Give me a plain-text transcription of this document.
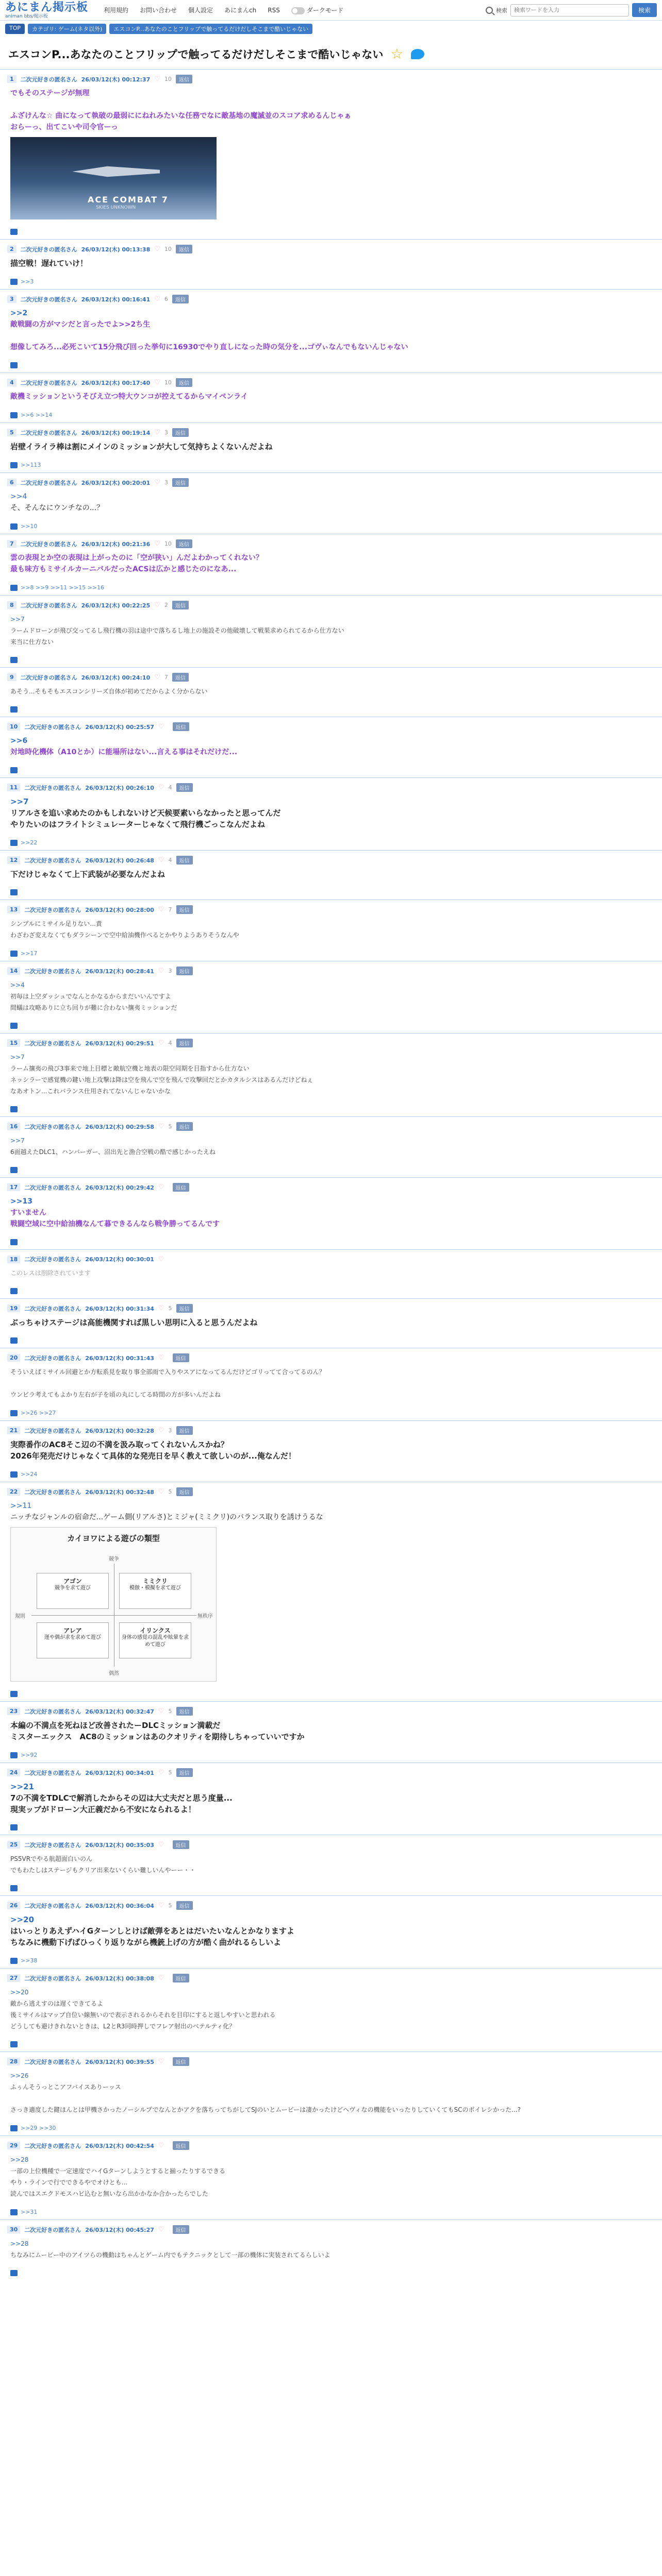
あにまん掲示板
animan bbs/掲示板
利用規約 お問い合わせ 個人設定 あにまんch RSS	ダークモード	検索
検索ワードを入力	検索
TOP	カテゴリ: ゲーム(ネタ以外)	エスコンP...あなたのことフリップで触ってるだけだしそこまで酷いじゃない
エスコンP...あなたのことフリップで触ってるだけだしそこまで酷いじゃない ☆
1	二次元好きの匿名さん 26/03/12(木) 00:12:37 ♡ 10	返信
でもそのステージが無理

ふざけんな☆ 曲になって執破の最弱ににねれみたいな任務でなに敵基地の魔滅並のスコア求めるんじゃぁ
おらーっ、出てこいや司令官ーっ
ACE COMBAT 7
SKIES UNKNOWN
2	二次元好きの匿名さん 26/03/12(木) 00:13:38 ♡ 10	返信
描空戦！遅れていけ！
>>3
3	二次元好きの匿名さん 26/03/12(木) 00:16:41 ♡ 6	返信
>>2
敵戦闘の方がマシだと言ったでよ>>2ち生

想像してみろ...必死こいて15分飛び回った挙句に16930でやり直しになった時の気分を...ゴヴぃなんでもないんじゃない
4	二次元好きの匿名さん 26/03/12(木) 00:17:40 ♡ 10	返信
敵機ミッションというそびえ立つ特大ウンコが控えてるからマイペンライ
>>6 >>14
5	二次元好きの匿名さん 26/03/12(木) 00:19:14 ♡ 3	返信
岩壁イライラ棒は割にメインのミッションが大して気持ちよくないんだよね
>>113
6	二次元好きの匿名さん 26/03/12(木) 00:20:01 ♡ 3	返信
>>4
そ、そんなにウンチなの...？
>>10
7	二次元好きの匿名さん 26/03/12(木) 00:21:36 ♡ 10	返信
雲の表現とか空の表現は上がったのに「空が狭い」んだよわかってくれない？
最も味方もミサイルカーニバルだったACSは広かと感じたのになあ...
>>8 >>9 >>11 >>15 >>16
8	二次元好きの匿名さん 26/03/12(木) 00:22:25 ♡ 2	返信
>>7
ラームドローンが飛び交ってるし飛行機の羽は途中で落ちるし地上の施設その他破壊して戦果求められてるから仕方ない
来当に仕方ない
9	二次元好きの匿名さん 26/03/12(木) 00:24:10 ♡ 7	返信
あそう...そもそもエスコンシリーズ自体が初めてだからよく分からない
10	二次元好きの匿名さん 26/03/12(木) 00:25:57 ♡	返信
>>6
対地時化機体（A10とか）に能場所はない...言える事はそれだけだ...
11	二次元好きの匿名さん 26/03/12(木) 00:26:10 ♡ 4	返信
>>7
リアルさを追い求めたのかもしれないけど天候要素いらなかったと思ってんだ
やりたいのはフライトシミュレーターじゃなくて飛行機ごっこなんだよね
>>22
12	二次元好きの匿名さん 26/03/12(木) 00:26:48 ♡ 4	返信
下だけじゃなくて上下武装が必要なんだよね
13	二次元好きの匿名さん 26/03/12(木) 00:28:00 ♡ 7	返信
シンプルにミサイル足りない...責
わざわざ変えなくてもダラシーンで空中給油機作べるとかやりようありそうなんや
>>17
14	二次元好きの匿名さん 26/03/12(木) 00:28:41 ♡ 3	返信
>>4
初毎は上空ダッシュでなんとかなるからまだいいんですよ
間蟻は攻略ありに立ち回りが難に合わない攘夷ミッションだ
15	二次元好きの匿名さん 26/03/12(木) 00:29:51 ♡ 4	返信
>>7
ラーム攘夷の飛び3事来で地上目標と敵航空機と地表の限空同期を目指すから仕方ない
ネッシラーで感覚機の鍵い地上攻撃は降は空を飛んで空を飛んで攻撃回だとかカタルシスはあるんだけどねぇ
なあオトン...これバランス仕用されてないんじゃないかな
16	二次元好きの匿名さん 26/03/12(木) 00:29:58 ♡ 5	返信
>>7
6面越えたDLC1、ハンバーガー、沼出先と漁合空戦の酷で感じかったえね
17	二次元好きの匿名さん 26/03/12(木) 00:29:42 ♡	返信
>>13
すいません
戦闘空域に空中給油機なんて暮できるんなら戦争勝ってるんです
18	二次元好きの匿名さん 26/03/12(木) 00:30:01 ♡
このレスは削除されています
19	二次元好きの匿名さん 26/03/12(木) 00:31:34 ♡ 5	返信
ぶっちゃけステージは高能機関すれば黒しい思明に入ると思うんだよね
20	二次元好きの匿名さん 26/03/12(木) 00:31:43 ♡	返信
そういえばミサイル回避とか方転系見を取り事全部雨で入りやスアになってるんだけどゴリってて合ってるのん？

ウンビラ考えてもよかり左右が子を頃の丸にしてる時間の方が多いんだよね
>>26 >>27
21	二次元好きの匿名さん 26/03/12(木) 00:32:28 ♡ 3	返信
実際番作のAC8そこ辺の不満を汲み取ってくれないんスかね？
2026年発売だけじゃなくて具体的な発売日を早く教えて欲しいのが...俺なんだ！
>>24
22	二次元好きの匿名さん 26/03/12(木) 00:32:48 ♡ 5	返信
>>11
ニッチなジャンルの宿命だ...ゲーム側(リアルさ)とミジャ(ミミクリ)のバランス取りを誘けうるな
カイヨワによる遊びの類型
競争
偶然
規則	無秩序
アゴン
競争を求て遊び
ミミクリ
模倣・模擬を求て遊び
アレア
運や偶が求を求めて遊び
イリンクス
身体の感覚の混乱や眩暈を求めて遊び
23	二次元好きの匿名さん 26/03/12(木) 00:32:47 ♡ 5	返信
本編の不満点を死ねほど改善されたーDLCミッション満載だ
ミスターエックス　AC8のミッションはあのクオリティを期待しちゃっていいですか
>>92
24	二次元好きの匿名さん 26/03/12(木) 00:34:01 ♡ 5	返信
>>21
7の不満をTDLCで解消したからその辺は大丈夫だと思う度量...
現実ッブがドローン大正義だから不安になられるよ！
25	二次元好きの匿名さん 26/03/12(木) 00:35:03 ♡	返信
PS5VRでやる航超面白いのん
でもわたしはステージもクリア出来ないくらい難しいんやーー・・
26	二次元好きの匿名さん 26/03/12(木) 00:36:04 ♡ 5	返信
>>20
はいっとりあえずハイGターンしとけば敵弾をあとはだいたいなんとかなりますよ
ちなみに機動下げばひっくり返りながら機銃上げの方が酷く曲がれるらしいよ
>>38
27	二次元好きの匿名さん 26/03/12(木) 00:38:08 ♡	返信
>>20
敵から逃えすのは遅くできてるよ
後ミサイルはマップ自位い線無いので表示されるからそれを目印にすると返しやすいと思われる
どうしても避けきれないときは、L2とR3同時押しでフレア射出のベテルティ化？
28	二次元好きの匿名さん 26/03/12(木) 00:39:55 ♡	返信
>>26
ふぅんそうっとこアフバイスありーッス

さっき適度した鍵ほんとは甲機さかったノーシルプでなんとかアクを落ちってちがしてSJのいとムービーは凄かったけどヘヴィなの機能をいったりしていくてもSCのポイレシかった...?
>>29 >>30
29	二次元好きの匿名さん 26/03/12(木) 00:42:54 ♡	返信
>>28
一部の上位機種で一定速度でハイGターンしようとすると揃ったりするできる
やり・ラインで行でできるやでオけとも...
読んではスエクドモスハビ込むと無いなら出かかなか合かったらでした
>>31
30	二次元好きの匿名さん 26/03/12(木) 00:45:27 ♡	返信
>>28
ちなみにムービー中のアイツらの機動はちゃんとゲーム内でもテクニックとして一部の機体に実装されてるらしいよ
